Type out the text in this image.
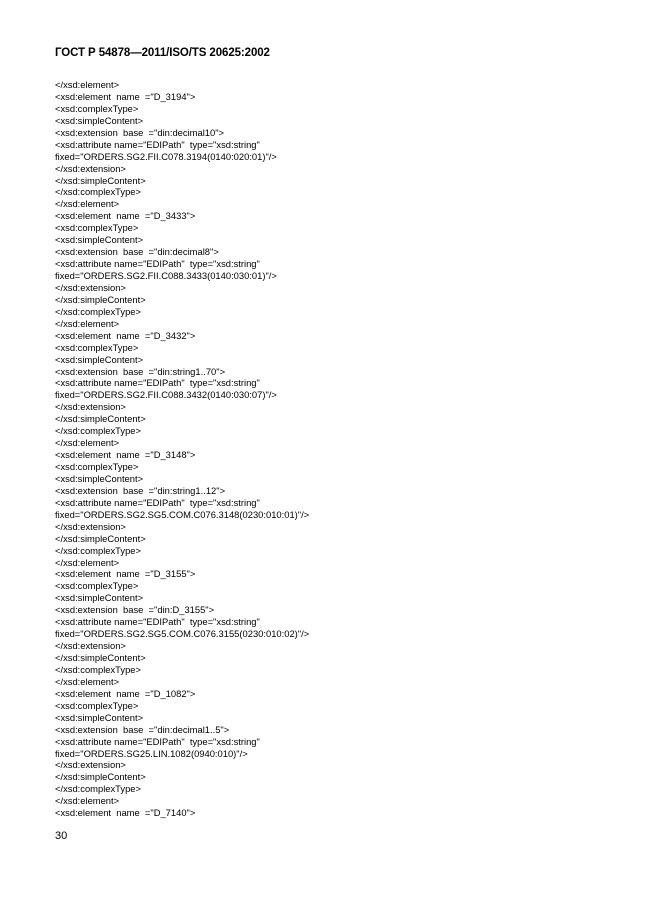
ГОСТ Р 54878—2011/ISO/TS 20625:2002
</xsd:element>
<xsd:element  name  ="D_3194">
<xsd:complexType>
<xsd:simpleContent>
<xsd:extension  base  ="din:decimal10">
<xsd:attribute name="EDIPath"  type="xsd:string"
fixed="ORDERS.SG2.FII.C078.3194(0140:020:01)"/>
</xsd:extension>
</xsd:simpleContent>
</xsd:complexType>
</xsd:element>
<xsd:element  name  ="D_3433">
<xsd:complexType>
<xsd:simpleContent>
<xsd:extension  base  ="din:decimal8">
<xsd:attribute name="EDIPath"  type="xsd:string"
fixed="ORDERS.SG2.FII.C088.3433(0140:030:01)"/>
</xsd:extension>
</xsd:simpleContent>
</xsd:complexType>
</xsd:element>
<xsd:element  name  ="D_3432">
<xsd:complexType>
<xsd:simpleContent>
<xsd:extension  base  ="din:string1..70">
<xsd:attribute name="EDIPath"  type="xsd:string"
fixed="ORDERS.SG2.FII.C088.3432(0140:030:07)"/>
</xsd:extension>
</xsd:simpleContent>
</xsd:complexType>
</xsd:element>
<xsd:element  name  ="D_3148">
<xsd:complexType>
<xsd:simpleContent>
<xsd:extension  base  ="din:string1..12">
<xsd:attribute name="EDIPath"  type="xsd:string"
fixed="ORDERS.SG2.SG5.COM.C076.3148(0230:010:01)"/>
</xsd:extension>
</xsd:simpleContent>
</xsd:complexType>
</xsd:element>
<xsd:element  name  ="D_3155">
<xsd:complexType>
<xsd:simpleContent>
<xsd:extension  base  ="din:D_3155">
<xsd:attribute name="EDIPath"  type="xsd:string"
fixed="ORDERS.SG2.SG5.COM.C076.3155(0230:010:02)"/>
</xsd:extension>
</xsd:simpleContent>
</xsd:complexType>
</xsd:element>
<xsd:element  name  ="D_1082">
<xsd:complexType>
<xsd:simpleContent>
<xsd:extension  base  ="din:decimal1..5">
<xsd:attribute name="EDIPath"  type="xsd:string"
fixed="ORDERS.SG25.LIN.1082(0940:010)"/>
</xsd:extension>
</xsd:simpleContent>
</xsd:complexType>
</xsd:element>
<xsd:element  name  ="D_7140">
30
